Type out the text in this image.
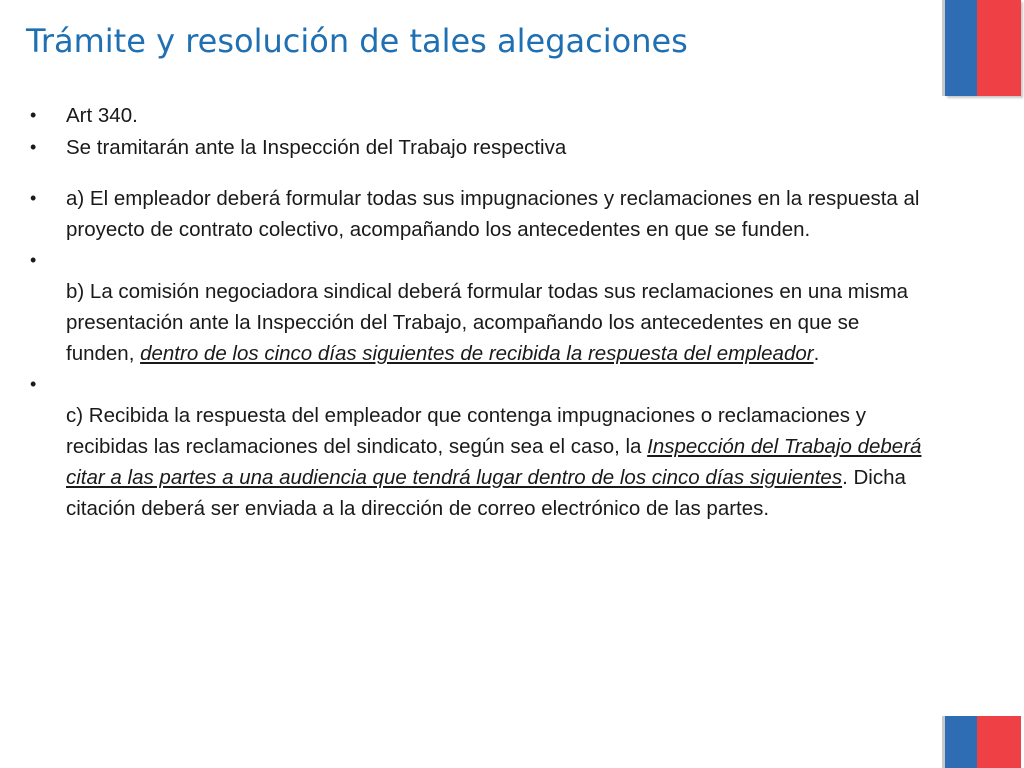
Trámite y resolución de tales alegaciones
• Art 340.
• Se tramitarán ante la Inspección del Trabajo respectiva
• a) El empleador deberá formular todas sus impugnaciones y reclamaciones en la respuesta al proyecto de contrato colectivo, acompañando los antecedentes en que se funden.
•

b) La comisión negociadora sindical deberá formular todas sus reclamaciones en una misma presentación ante la Inspección del Trabajo, acompañando los antecedentes en que se funden, dentro de los cinco días siguientes de recibida la respuesta del empleador.
•

c) Recibida la respuesta del empleador que contenga impugnaciones o reclamaciones y recibidas las reclamaciones del sindicato, según sea el caso, la Inspección del Trabajo deberá citar a las partes a una audiencia que tendrá lugar dentro de los cinco días siguientes. Dicha citación deberá ser enviada a la dirección de correo electrónico de las partes.
